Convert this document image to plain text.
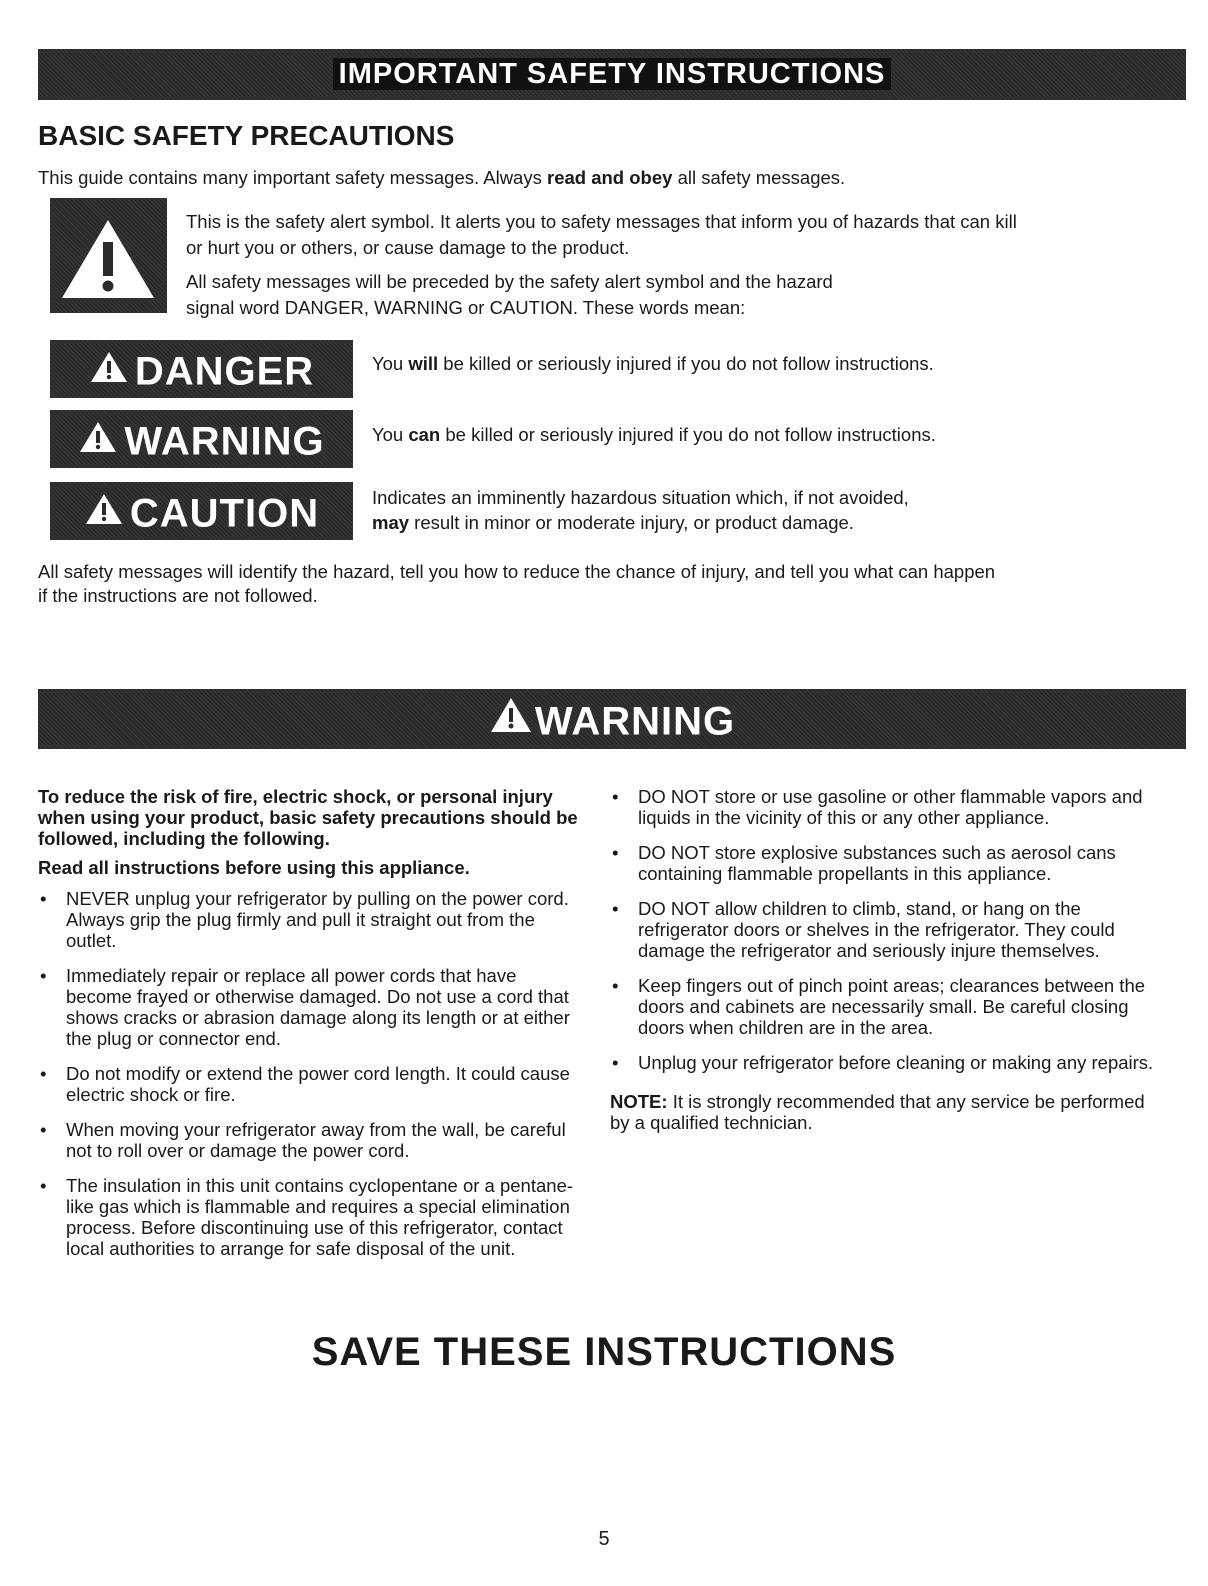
IMPORTANT SAFETY INSTRUCTIONS
BASIC SAFETY PRECAUTIONS

This guide contains many important safety messages. Always read and obey all safety messages.

This is the safety alert symbol. It alerts you to safety messages that inform you of hazards that can kill

or hurt you or others, or cause damage to the product.

All safety messages will be preceded by the safety alert symbol and the hazard

signal word DANGER, WARNING or CAUTION. These words mean:

DANGER	You will be killed or seriously injured if you do not follow instructions.

WARNING	You can be killed or seriously injured if you do not follow instructions.

CAUTION	Indicates an imminently hazardous situation which, if not avoided,

may result in minor or moderate injury, or product damage.

All safety messages will identify the hazard, tell you how to reduce the chance of injury, and tell you what can happen

if the instructions are not followed.

WARNING

To reduce the risk of fire, electric shock, or personal injury when using your product, basic safety precautions should be followed, including the following.

Read all instructions before using this appliance.

• NEVER unplug your refrigerator by pulling on the power cord. Always grip the plug firmly and pull it straight out from the outlet.
• Immediately repair or replace all power cords that have become frayed or otherwise damaged. Do not use a cord that shows cracks or abrasion damage along its length or at either the plug or connector end.
• Do not modify or extend the power cord length. It could cause electric shock or fire.
• When moving your refrigerator away from the wall, be careful not to roll over or damage the power cord.
• The insulation in this unit contains cyclopentane or a pentane-like gas which is flammable and requires a special elimination process. Before discontinuing use of this refrigerator, contact local authorities to arrange for safe disposal of the unit.
• DO NOT store or use gasoline or other flammable vapors and liquids in the vicinity of this or any other appliance.
• DO NOT store explosive substances such as aerosol cans containing flammable propellants in this appliance.
• DO NOT allow children to climb, stand, or hang on the refrigerator doors or shelves in the refrigerator. They could damage the refrigerator and seriously injure themselves.
• Keep fingers out of pinch point areas; clearances between the doors and cabinets are necessarily small. Be careful closing doors when children are in the area.
• Unplug your refrigerator before cleaning or making any repairs.

NOTE: It is strongly recommended that any service be performed by a qualified technician.

SAVE THESE INSTRUCTIONS
5
